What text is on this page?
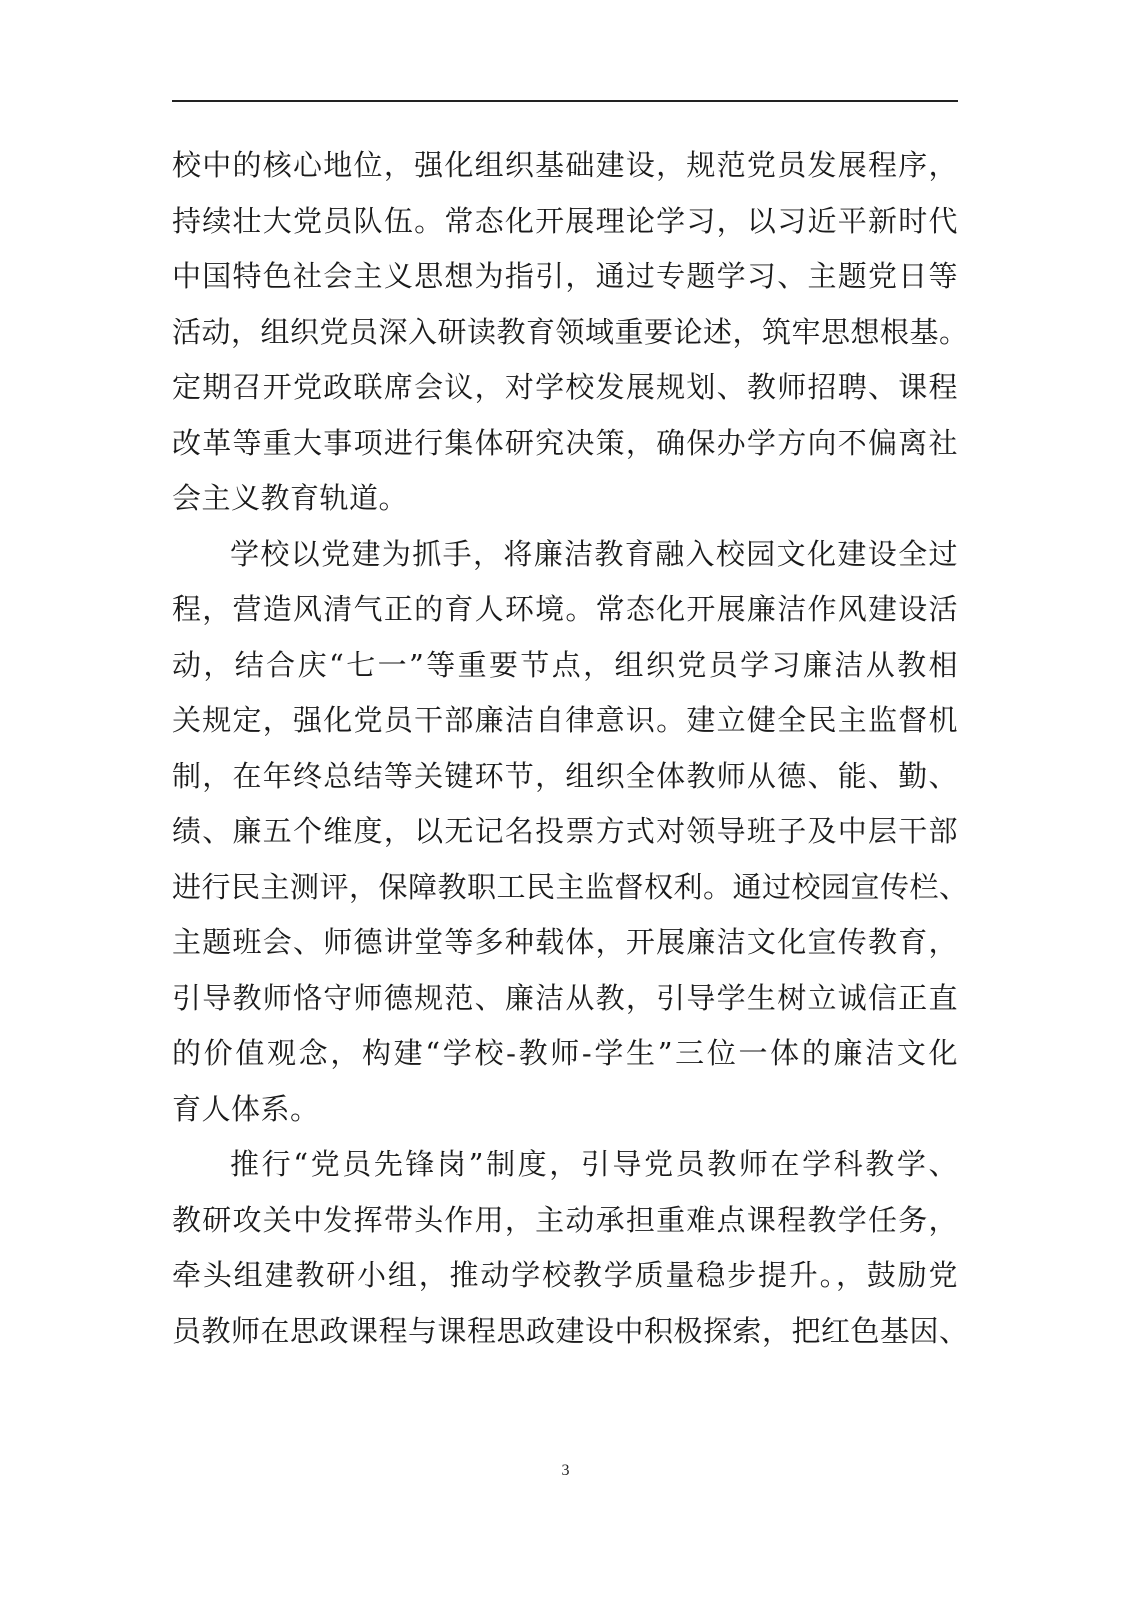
校中的核心地位，强化组织基础建设，规范党员发展程序，
持续壮大党员队伍。常态化开展理论学习，以习近平新时代
中国特色社会主义思想为指引，通过专题学习、主题党日等
活动，组织党员深入研读教育领域重要论述，筑牢思想根基。
定期召开党政联席会议，对学校发展规划、教师招聘、课程
改革等重大事项进行集体研究决策，确保办学方向不偏离社
会主义教育轨道。
学校以党建为抓手，将廉洁教育融入校园文化建设全过
程，营造风清气正的育人环境。常态化开展廉洁作风建设活
动，结合庆“七一”等重要节点，组织党员学习廉洁从教相
关规定，强化党员干部廉洁自律意识。建立健全民主监督机
制，在年终总结等关键环节，组织全体教师从德、能、勤、
绩、廉五个维度，以无记名投票方式对领导班子及中层干部
进行民主测评，保障教职工民主监督权利。通过校园宣传栏、
主题班会、师德讲堂等多种载体，开展廉洁文化宣传教育，
引导教师恪守师德规范、廉洁从教，引导学生树立诚信正直
的价值观念，构建“学校-教师-学生”三位一体的廉洁文化
育人体系。
推行“党员先锋岗”制度，引导党员教师在学科教学、
教研攻关中发挥带头作用，主动承担重难点课程教学任务，
牵头组建教研小组，推动学校教学质量稳步提升。，鼓励党
员教师在思政课程与课程思政建设中积极探索，把红色基因、
3
